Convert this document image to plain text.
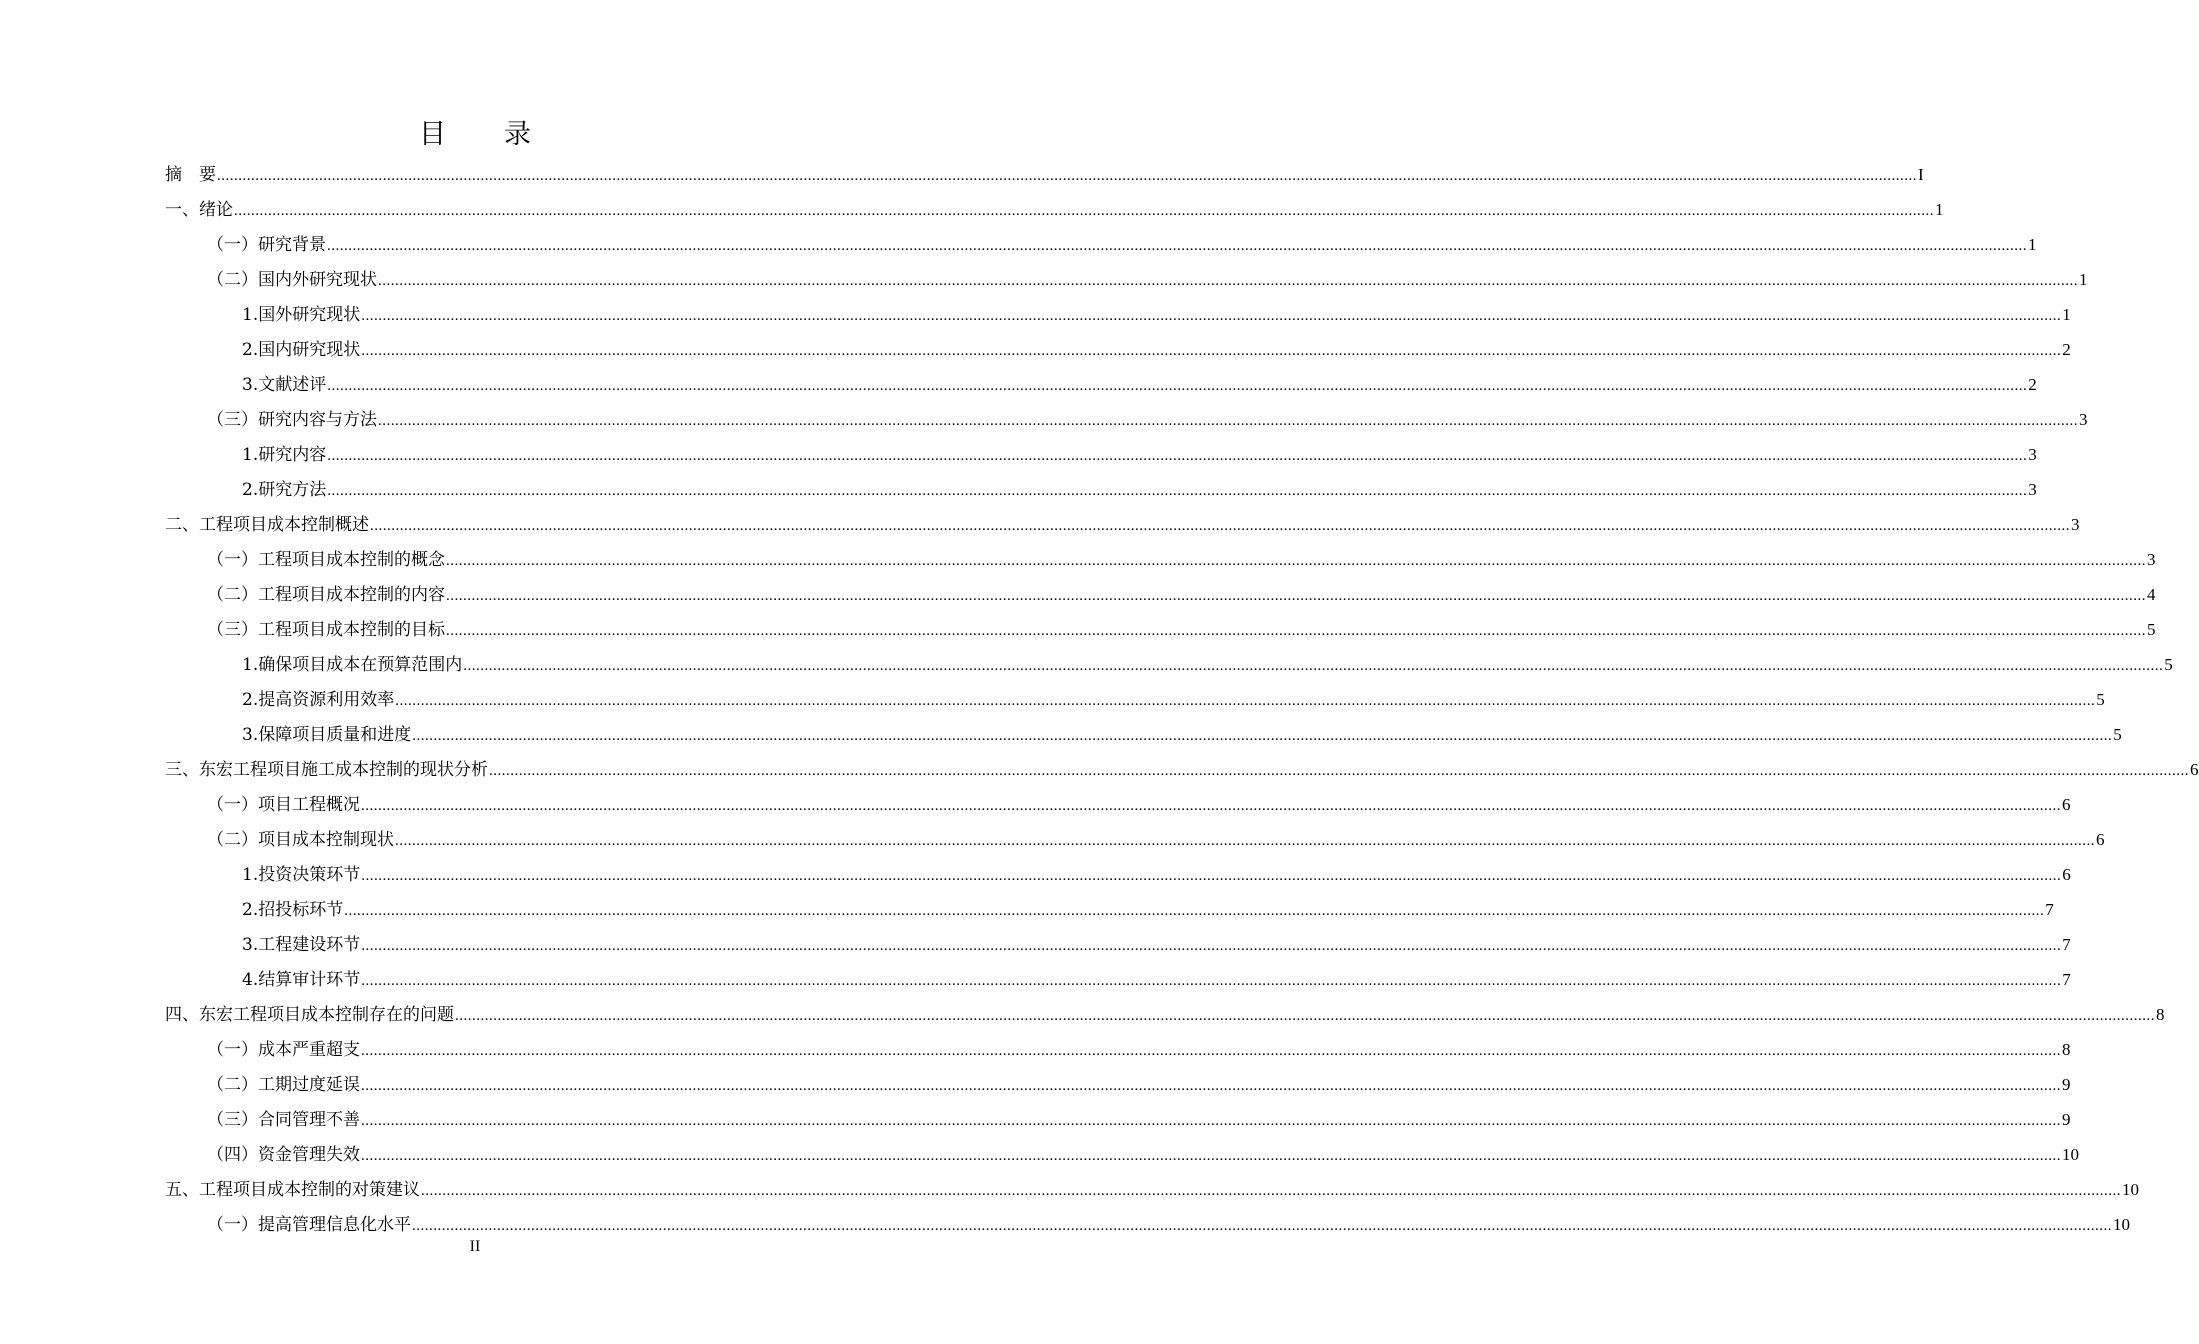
目 录
摘　要 ................................................................................................................................................................................................................................................................................................................................................................................................................ I
一、绪论 ................................................................................................................................................................................................................................................................................................................................................................................................................ 1
（一）研究背景 ................................................................................................................................................................................................................................................................................................................................................................................................................ 1
（二）国内外研究现状 ................................................................................................................................................................................................................................................................................................................................................................................................................ 1
1.国外研究现状 ................................................................................................................................................................................................................................................................................................................................................................................................................ 1
2.国内研究现状 ................................................................................................................................................................................................................................................................................................................................................................................................................ 2
3.文献述评 ................................................................................................................................................................................................................................................................................................................................................................................................................ 2
（三）研究内容与方法 ................................................................................................................................................................................................................................................................................................................................................................................................................ 3
1.研究内容 ................................................................................................................................................................................................................................................................................................................................................................................................................ 3
2.研究方法 ................................................................................................................................................................................................................................................................................................................................................................................................................ 3
二、工程项目成本控制概述 ................................................................................................................................................................................................................................................................................................................................................................................................................ 3
（一）工程项目成本控制的概念 ................................................................................................................................................................................................................................................................................................................................................................................................................ 3
（二）工程项目成本控制的内容 ................................................................................................................................................................................................................................................................................................................................................................................................................ 4
（三）工程项目成本控制的目标 ................................................................................................................................................................................................................................................................................................................................................................................................................ 5
1.确保项目成本在预算范围内 ................................................................................................................................................................................................................................................................................................................................................................................................................ 5
2.提高资源利用效率 ................................................................................................................................................................................................................................................................................................................................................................................................................ 5
3.保障项目质量和进度 ................................................................................................................................................................................................................................................................................................................................................................................................................ 5
三、东宏工程项目施工成本控制的现状分析 ................................................................................................................................................................................................................................................................................................................................................................................................................ 6
（一）项目工程概况 ................................................................................................................................................................................................................................................................................................................................................................................................................ 6
（二）项目成本控制现状 ................................................................................................................................................................................................................................................................................................................................................................................................................ 6
1.投资决策环节 ................................................................................................................................................................................................................................................................................................................................................................................................................ 6
2.招投标环节 ................................................................................................................................................................................................................................................................................................................................................................................................................ 7
3.工程建设环节 ................................................................................................................................................................................................................................................................................................................................................................................................................ 7
4.结算审计环节 ................................................................................................................................................................................................................................................................................................................................................................................................................ 7
四、东宏工程项目成本控制存在的问题 ................................................................................................................................................................................................................................................................................................................................................................................................................ 8
（一）成本严重超支 ................................................................................................................................................................................................................................................................................................................................................................................................................ 8
（二）工期过度延误 ................................................................................................................................................................................................................................................................................................................................................................................................................ 9
（三）合同管理不善 ................................................................................................................................................................................................................................................................................................................................................................................................................ 9
（四）资金管理失效 ................................................................................................................................................................................................................................................................................................................................................................................................................ 10
五、工程项目成本控制的对策建议 ................................................................................................................................................................................................................................................................................................................................................................................................................ 10
（一）提高管理信息化水平 ................................................................................................................................................................................................................................................................................................................................................................................................................ 10
II
